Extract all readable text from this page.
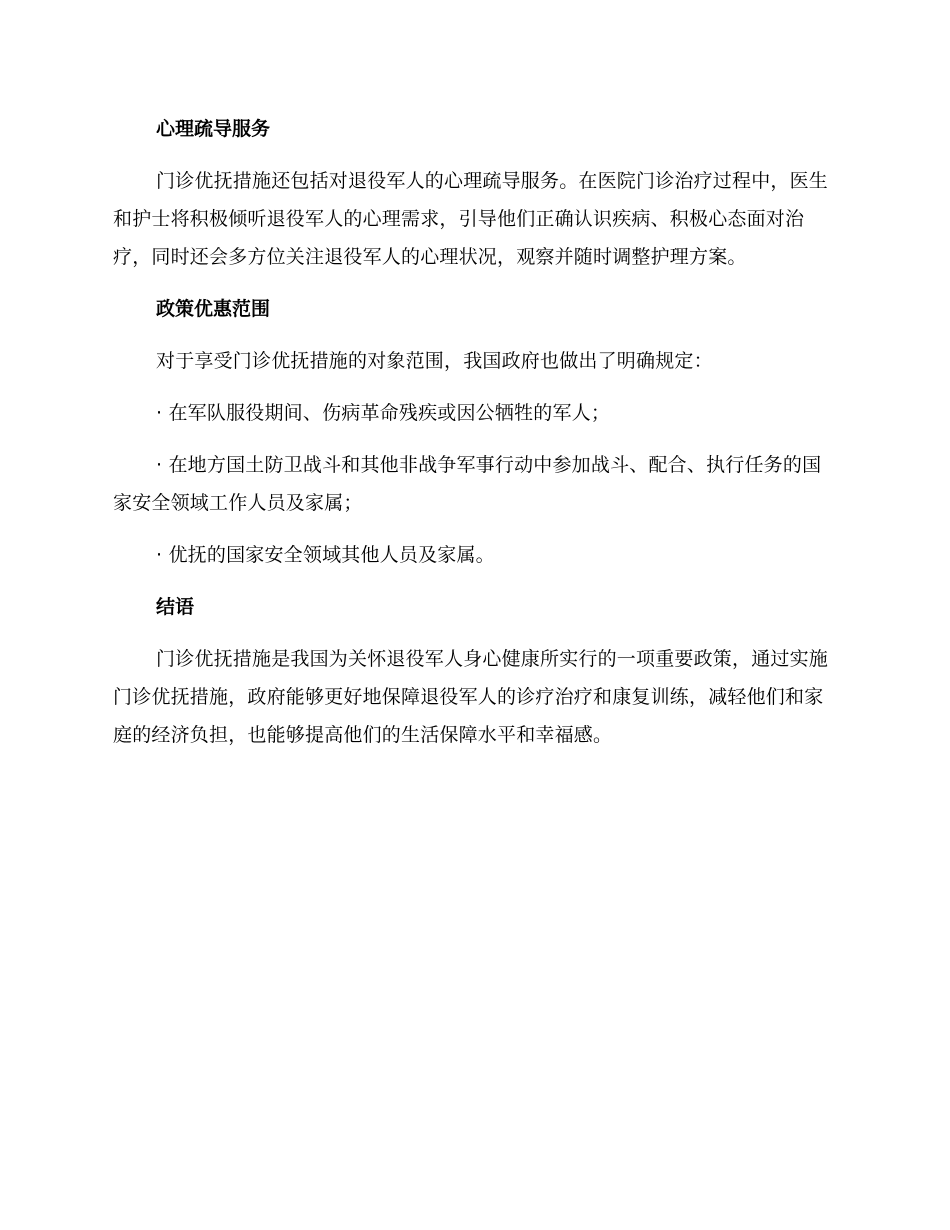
心理疏导服务

门诊优抚措施还包括对退役军人的心理疏导服务。在医院门诊治疗过程中，医生和护士将积极倾听退役军人的心理需求，引导他们正确认识疾病、积极心态面对治疗，同时还会多方位关注退役军人的心理状况，观察并随时调整护理方案。

政策优惠范围

对于享受门诊优抚措施的对象范围，我国政府也做出了明确规定：

· 在军队服役期间、伤病革命残疾或因公牺牲的军人；

· 在地方国土防卫战斗和其他非战争军事行动中参加战斗、配合、执行任务的国家安全领域工作人员及家属；

· 优抚的国家安全领域其他人员及家属。

结语

门诊优抚措施是我国为关怀退役军人身心健康所实行的一项重要政策，通过实施门诊优抚措施，政府能够更好地保障退役军人的诊疗治疗和康复训练，减轻他们和家庭的经济负担，也能够提高他们的生活保障水平和幸福感。
